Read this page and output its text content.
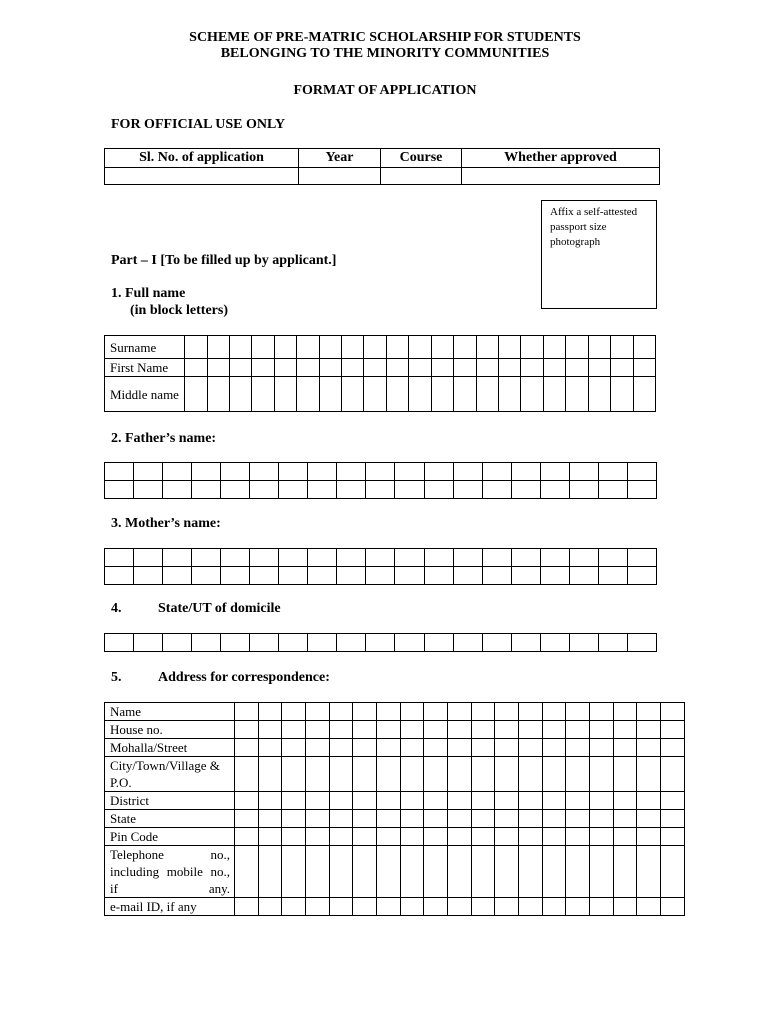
SCHEME OF PRE-MATRIC SCHOLARSHIP FOR STUDENTS
BELONGING TO THE MINORITY COMMUNITIES
FORMAT OF APPLICATION
FOR OFFICIAL USE ONLY
Sl. No. of application	Year	Course	Whether approved

Affix a self-attested passport size photograph
Part – I [To be filled up by applicant.]
1. Full name
(in block letters)
Surname																					
First Name																					
Middle name																					
2. Father’s name:

3. Mother’s name:

4.	State/UT of domicile

5.	Address for correspondence:
Name																			
House no.																			
Mohalla/Street																			
City/Town/Village & P.O.																			
District																			
State																			
Pin Code																			
Telephone no., including mobile no., if any.																			
e-mail ID, if any																			
